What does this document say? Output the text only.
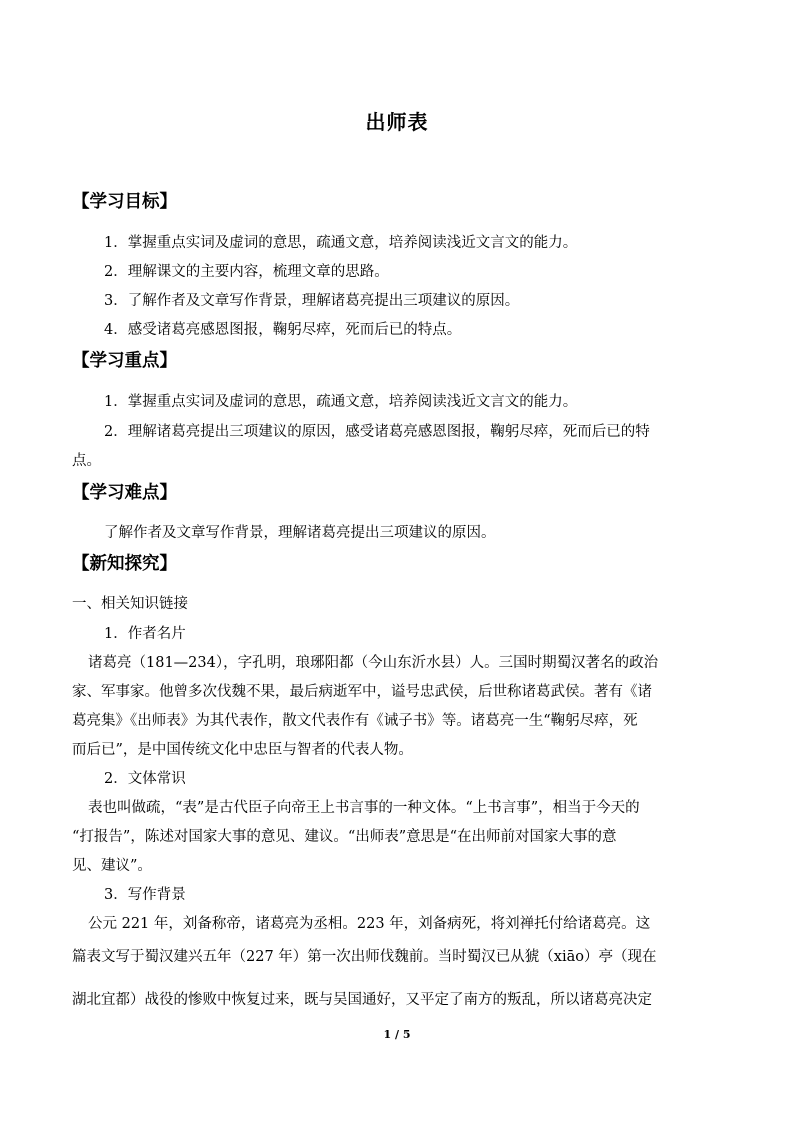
出师表
【学习目标】
1．掌握重点实词及虚词的意思，疏通文意，培养阅读浅近文言文的能力。
2．理解课文的主要内容，梳理文章的思路。
3．了解作者及文章写作背景，理解诸葛亮提出三项建议的原因。
4．感受诸葛亮感恩图报，鞠躬尽瘁，死而后已的特点。
【学习重点】
1．掌握重点实词及虚词的意思，疏通文意，培养阅读浅近文言文的能力。
2．理解诸葛亮提出三项建议的原因，感受诸葛亮感恩图报，鞠躬尽瘁，死而后已的特
点。
【学习难点】
了解作者及文章写作背景，理解诸葛亮提出三项建议的原因。
【新知探究】
一、相关知识链接
1．作者名片
诸葛亮（181—234），字孔明，琅琊阳都（今山东沂水县）人。三国时期蜀汉著名的政治
家、军事家。他曾多次伐魏不果，最后病逝军中，谥号忠武侯，后世称诸葛武侯。著有《诸
葛亮集》《出师表》为其代表作，散文代表作有《诫子书》等。诸葛亮一生“鞠躬尽瘁，死
而后已”，是中国传统文化中忠臣与智者的代表人物。
2．文体常识
表也叫做疏，“表”是古代臣子向帝王上书言事的一种文体。“上书言事”，相当于今天的
“打报告”，陈述对国家大事的意见、建议。“出师表”意思是“在出师前对国家大事的意
见、建议”。
3．写作背景
公元 221 年，刘备称帝，诸葛亮为丞相。223 年，刘备病死，将刘禅托付给诸葛亮。这
篇表文写于蜀汉建兴五年（227 年）第一次出师伐魏前。当时蜀汉已从猇（xiāo）亭（现在
湖北宜都）战役的惨败中恢复过来，既与吴国通好，又平定了南方的叛乱，所以诸葛亮决定
1 / 5
